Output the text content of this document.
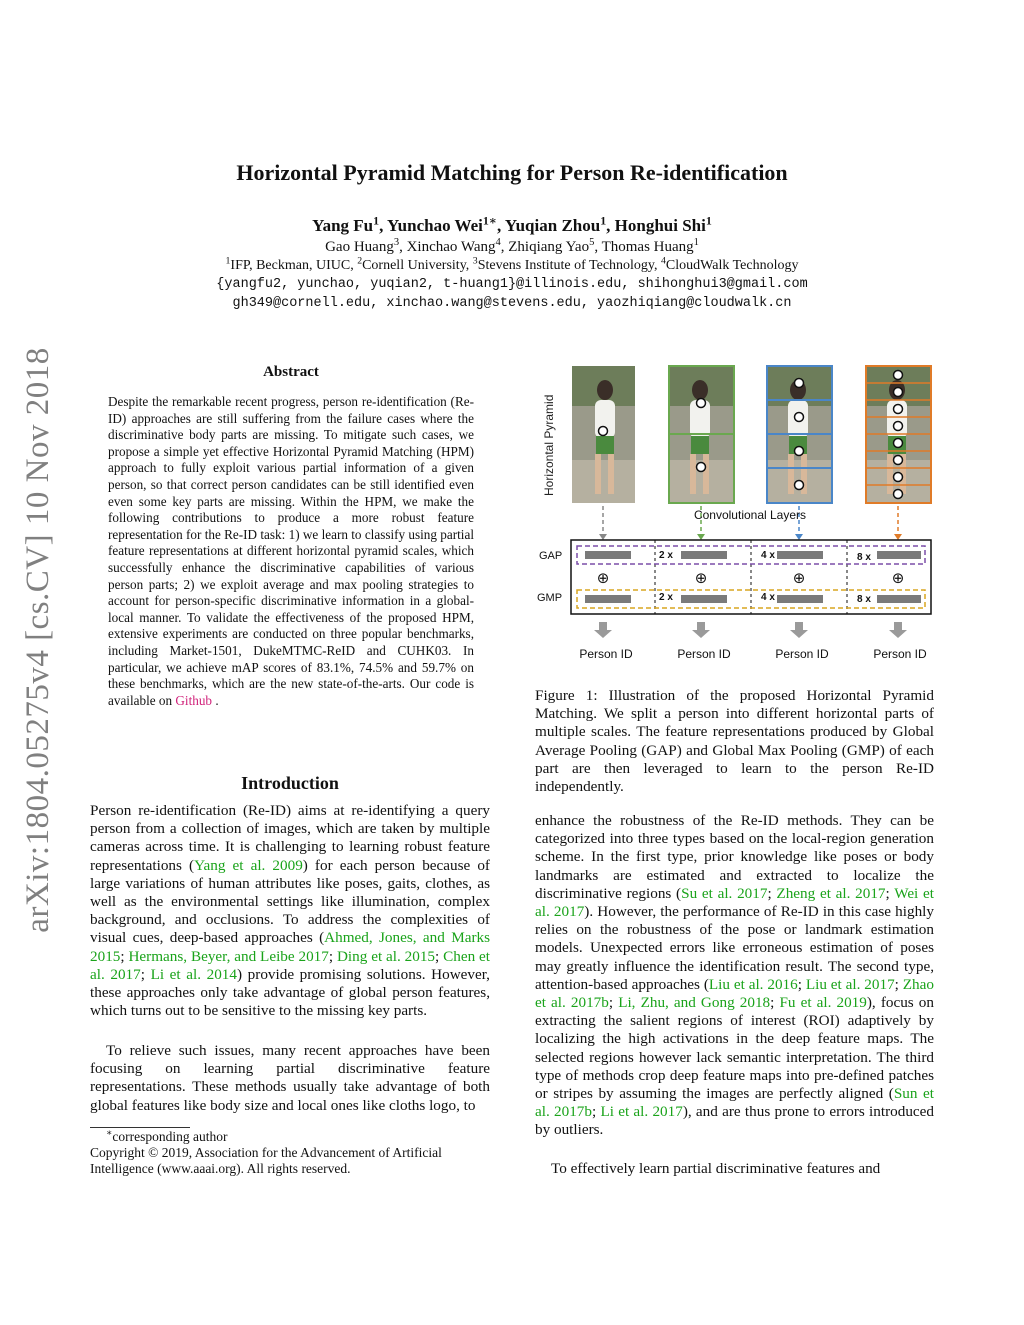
arXiv:1804.05275v4 [cs.CV] 10 Nov 2018
Horizontal Pyramid Matching for Person Re-identification
Yang Fu$^1$, Yunchao Wei$^{1∗}$, Yuqian Zhou$^1$, Honghui Shi$^1$
Gao Huang$^3$, Xinchao Wang$^4$, Zhiqiang Yao$^5$, Thomas Huang$^1$
$^1$IFP, Beckman, UIUC, $^2$Cornell University, $^3$Stevens Institute of Technology, $^4$CloudWalk Technology
{yangfu2, yunchao, yuqian2, t-huang1}@illinois.edu, shihonghui3@gmail.com
gh349@cornell.edu, xinchao.wang@stevens.edu, yaozhiqiang@cloudwalk.cn
Abstract
Despite the remarkable recent progress, person re-identification (Re-ID) approaches are still suffering from the failure cases where the discriminative body parts are missing. To mitigate such cases, we propose a simple yet effective Horizontal Pyramid Matching (HPM) approach to fully exploit various partial information of a given person, so that correct person candidates can be still identified even even some key parts are missing. Within the HPM, we make the following contributions to produce a more robust feature representation for the Re-ID task: 1) we learn to classify using partial feature representations at different horizontal pyramid scales, which successfully enhance the discriminative capabilities of various person parts; 2) we exploit average and max pooling strategies to account for person-specific discriminative information in a global-local manner. To validate the effectiveness of the proposed HPM, extensive experiments are conducted on three popular benchmarks, including Market-1501, DukeMTMC-ReID and CUHK03. In particular, we achieve mAP scores of 83.1%, 74.5% and 59.7% on these benchmarks, which are the new state-of-the-arts. Our code is available on Github .
Introduction
Person re-identification (Re-ID) aims at re-identifying a query person from a collection of images, which are taken by multiple cameras across time. It is challenging to learning robust feature representations (Yang et al. 2009) for each person because of large variations of human attributes like poses, gaits, clothes, as well as the environmental settings like illumination, complex background, and occlusions. To address the complexities of visual cues, deep-based approaches (Ahmed, Jones, and Marks 2015; Hermans, Beyer, and Leibe 2017; Ding et al. 2015; Chen et al. 2017; Li et al. 2014) provide promising solutions. However, these approaches only take advantage of global person features, which turns out to be sensitive to the missing key parts.
To relieve such issues, many recent approaches have been focusing on learning partial discriminative feature representations. These methods usually take advantage of both global features like body size and local ones like cloths logo, to
∗corresponding author
Copyright © 2019, Association for the Advancement of Artificial Intelligence (www.aaai.org). All rights reserved.
Horizontal Pyramid
Convolutional Layers
GAP
GMP
2 x	4 x	8 x
2 x	4 x	8 x
⊕	⊕	⊕	⊕
Person ID	Person ID	Person ID	Person ID
Figure 1: Illustration of the proposed Horizontal Pyramid Matching. We split a person into different horizontal parts of multiple scales. The feature representations produced by Global Average Pooling (GAP) and Global Max Pooling (GMP) of each part are then leveraged to learn to the person Re-ID independently.
enhance the robustness of the Re-ID methods. They can be categorized into three types based on the local-region generation scheme. In the first type, prior knowledge like poses or body landmarks are estimated and extracted to localize the discriminative regions (Su et al. 2017; Zheng et al. 2017; Wei et al. 2017). However, the performance of Re-ID in this case highly relies on the robustness of the pose or landmark estimation models. Unexpected errors like erroneous estimation of poses may greatly influence the identification result. The second type, attention-based approaches (Liu et al. 2016; Liu et al. 2017; Zhao et al. 2017b; Li, Zhu, and Gong 2018; Fu et al. 2019), focus on extracting the salient regions of interest (ROI) adaptively by localizing the high activations in the deep feature maps. The selected regions however lack semantic interpretation. The third type of methods crop deep feature maps into pre-defined patches or stripes by assuming the images are perfectly aligned (Sun et al. 2017b; Li et al. 2017), and are thus prone to errors introduced by outliers.
To effectively learn partial discriminative features and
